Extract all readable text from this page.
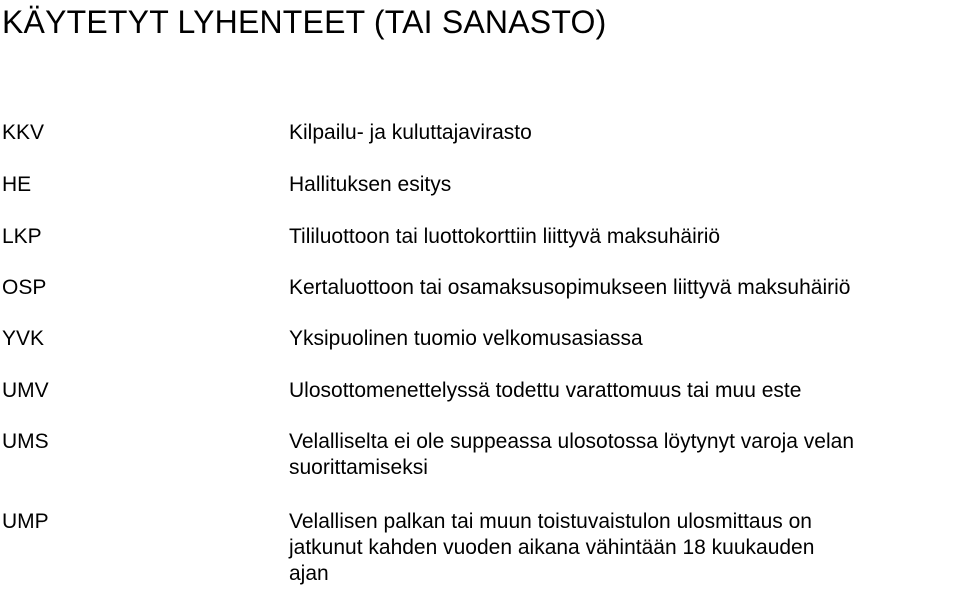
KÄYTETYT LYHENTEET (TAI SANASTO)
KKV	Kilpailu- ja kuluttajavirasto
HE	Hallituksen esitys
LKP	Tililuottoon tai luottokorttiin liittyvä maksuhäiriö
OSP	Kertaluottoon tai osamaksusopimukseen liittyvä maksuhäiriö
YVK	Yksipuolinen tuomio velkomusasiassa
UMV	Ulosottomenettelyssä todettu varattomuus tai muu este
UMS	Velalliselta ei ole suppeassa ulosotossa löytynyt varoja velan
suorittamiseksi
UMP	Velallisen palkan tai muun toistuvaistulon ulosmittaus on
jatkunut kahden vuoden aikana vähintään 18 kuukauden
ajan
